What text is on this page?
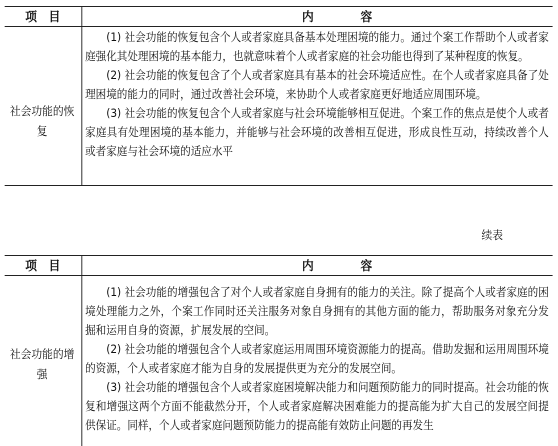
项　目	内　　　　容
社会功能的恢复

(1) 社会功能的恢复包含个人或者家庭具备基本处理困境的能力。通过个案工作帮助个人或者家庭强化其处理困境的基本能力，也就意味着个人或者家庭的社会功能也得到了某种程度的恢复。

(2) 社会功能的恢复包含了个人或者家庭具有基本的社会环境适应性。在个人或者家庭具备了处理困境的能力的同时，通过改善社会环境，来协助个人或者家庭更好地适应周围环境。

(3) 社会功能的恢复包含个人或者家庭与社会环境能够相互促进。个案工作的焦点是使个人或者家庭具有处理困境的基本能力，并能够与社会环境的改善相互促进，形成良性互动，持续改善个人或者家庭与社会环境的适应水平

续表
项　目	内　　　　容
社会功能的增强

(1) 社会功能的增强包含了对个人或者家庭自身拥有的能力的关注。除了提高个人或者家庭的困境处理能力之外，个案工作同时还关注服务对象自身拥有的其他方面的能力，帮助服务对象充分发掘和运用自身的资源，扩展发展的空间。

(2) 社会功能的增强包含个人或者家庭运用周围环境资源能力的提高。借助发掘和运用周围环境的资源，个人或者家庭才能为自身的发展提供更为充分的发展空间。

(3) 社会功能的增强包含个人或者家庭困境解决能力和问题预防能力的同时提高。社会功能的恢复和增强这两个方面不能截然分开，个人或者家庭解决困难能力的提高能为扩大自己的发展空间提供保证。同样，个人或者家庭问题预防能力的提高能有效防止问题的再发生
